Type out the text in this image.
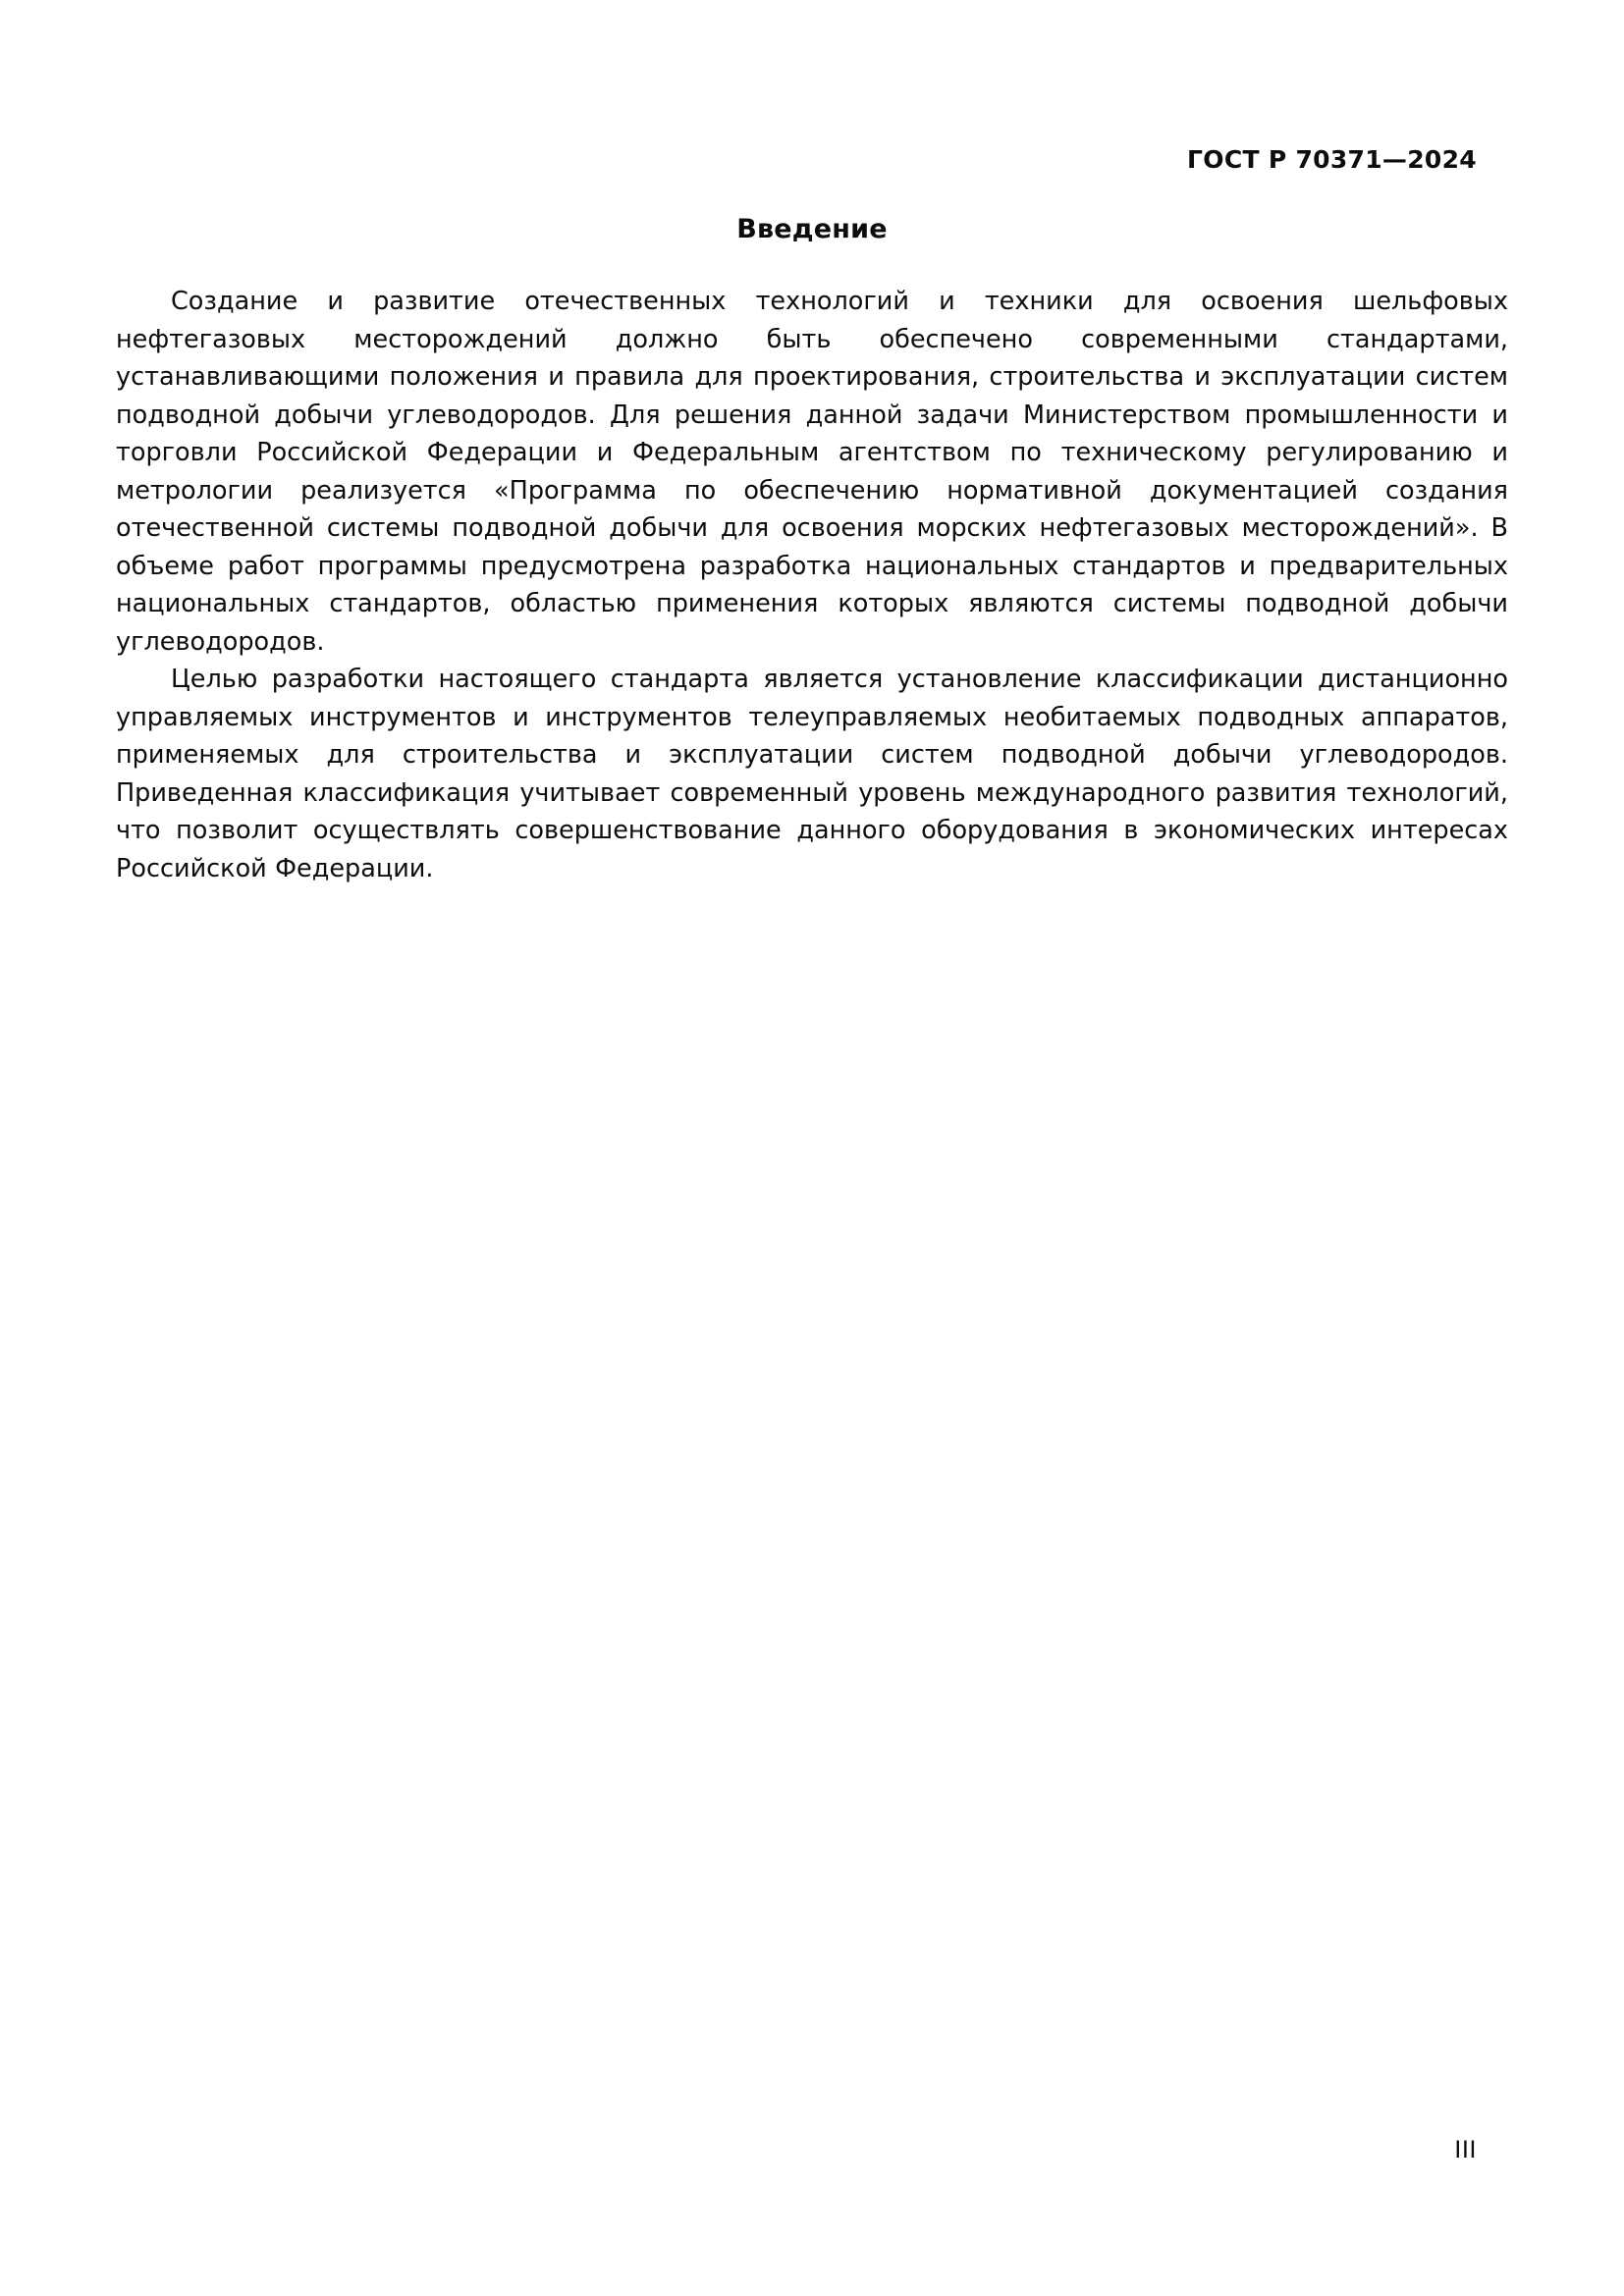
ГОСТ Р 70371—2024
Введение

Создание и развитие отечественных технологий и техники для освоения шельфовых нефтегазовых месторождений должно быть обеспечено современными стандартами, устанавливающими положения и правила для проектирования, строительства и эксплуатации систем подводной добычи углеводородов. Для решения данной задачи Министерством промышленности и торговли Российской Федерации и Федеральным агентством по техническому регулированию и метрологии реализуется «Программа по обеспечению нормативной документацией создания отечественной системы подводной добычи для освоения морских нефтегазовых месторождений». В объеме работ программы предусмотрена разработка национальных стандартов и предварительных национальных стандартов, областью применения которых являются системы подводной добычи углеводородов.

Целью разработки настоящего стандарта является установление классификации дистанционно управляемых инструментов и инструментов телеуправляемых необитаемых подводных аппаратов, применяемых для строительства и эксплуатации систем подводной добычи углеводородов. Приведенная классификация учитывает современный уровень международного развития технологий, что позволит осуществлять совершенствование данного оборудования в экономических интересах Российской Федерации.

III
